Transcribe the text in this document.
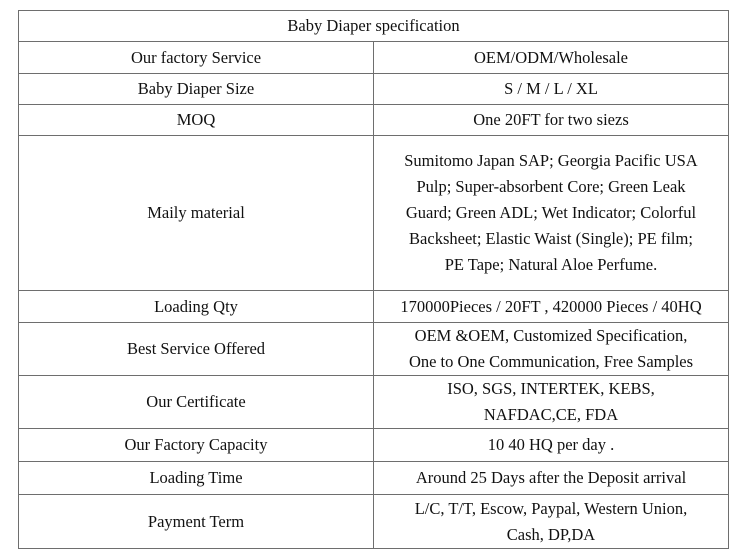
Baby Diaper specification	
Our factory Service	OEM/ODM/Wholesale
Baby Diaper Size	S / M / L / XL
MOQ	One 20FT for two siezs
Maily material	Sumitomo Japan SAP; Georgia Pacific USA
Pulp; Super-absorbent Core; Green Leak
Guard; Green ADL; Wet Indicator; Colorful
Backsheet; Elastic Waist (Single); PE film;
PE Tape; Natural Aloe Perfume.
Loading Qty	170000Pieces / 20FT , 420000 Pieces / 40HQ
Best Service Offered	OEM &OEM, Customized Specification,
One to One Communication, Free Samples
Our Certificate	ISO, SGS, INTERTEK, KEBS,
NAFDAC,CE, FDA
Our Factory Capacity	10 40 HQ per day .
Loading Time	Around 25 Days after the Deposit arrival
Payment Term	L/C, T/T, Escow, Paypal, Western Union,
Cash, DP,DA
